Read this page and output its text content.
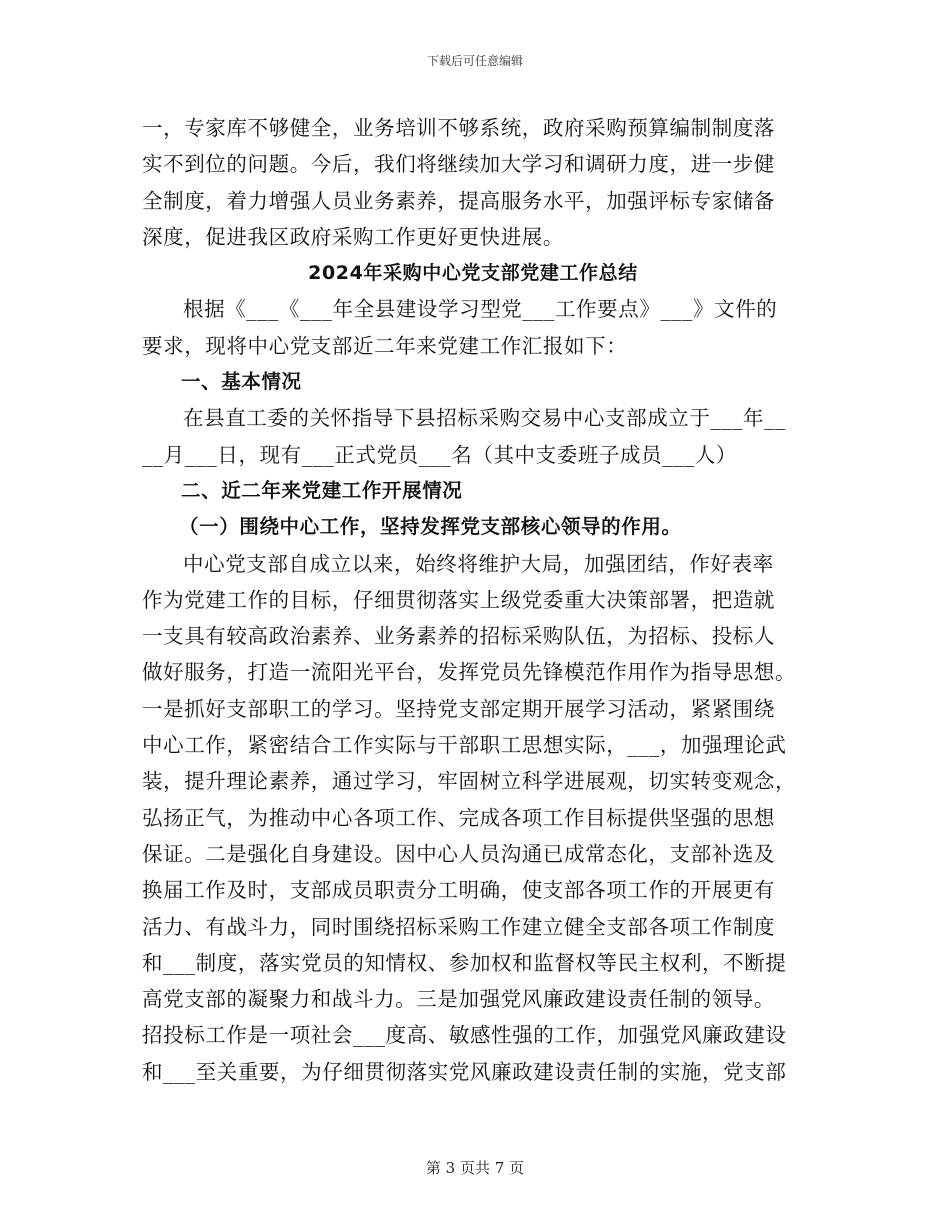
下载后可任意编辑
一，专家库不够健全，业务培训不够系统，政府采购预算编制制度落
实不到位的问题。今后，我们将继续加大学习和调研力度，进一步健
全制度，着力增强人员业务素养，提高服务水平，加强评标专家储备
深度，促进我区政府采购工作更好更快进展。
2024年采购中心党支部党建工作总结
根据《___《___年全县建设学习型党___工作要点》___》文件的
要求，现将中心党支部近二年来党建工作汇报如下：
一、基本情况
在县直工委的关怀指导下县招标采购交易中心支部成立于___年__
__月___日，现有___正式党员___名（其中支委班子成员___人）
二、近二年来党建工作开展情况
（一）围绕中心工作，坚持发挥党支部核心领导的作用。
中心党支部自成立以来，始终将维护大局，加强团结，作好表率
作为党建工作的目标，仔细贯彻落实上级党委重大决策部署，把造就
一支具有较高政治素养、业务素养的招标采购队伍，为招标、投标人
做好服务，打造一流阳光平台，发挥党员先锋模范作用作为指导思想。
一是抓好支部职工的学习。坚持党支部定期开展学习活动，紧紧围绕
中心工作，紧密结合工作实际与干部职工思想实际，___，加强理论武
装，提升理论素养，通过学习，牢固树立科学进展观，切实转变观念，
弘扬正气，为推动中心各项工作、完成各项工作目标提供坚强的思想
保证。二是强化自身建设。因中心人员沟通已成常态化，支部补选及
换届工作及时，支部成员职责分工明确，使支部各项工作的开展更有
活力、有战斗力，同时围绕招标采购工作建立健全支部各项工作制度
和___制度，落实党员的知情权、参加权和监督权等民主权利，不断提
高党支部的凝聚力和战斗力。三是加强党风廉政建设责任制的领导。
招投标工作是一项社会___度高、敏感性强的工作，加强党风廉政建设
和___至关重要，为仔细贯彻落实党风廉政建设责任制的实施，党支部
第 3 页共 7 页
